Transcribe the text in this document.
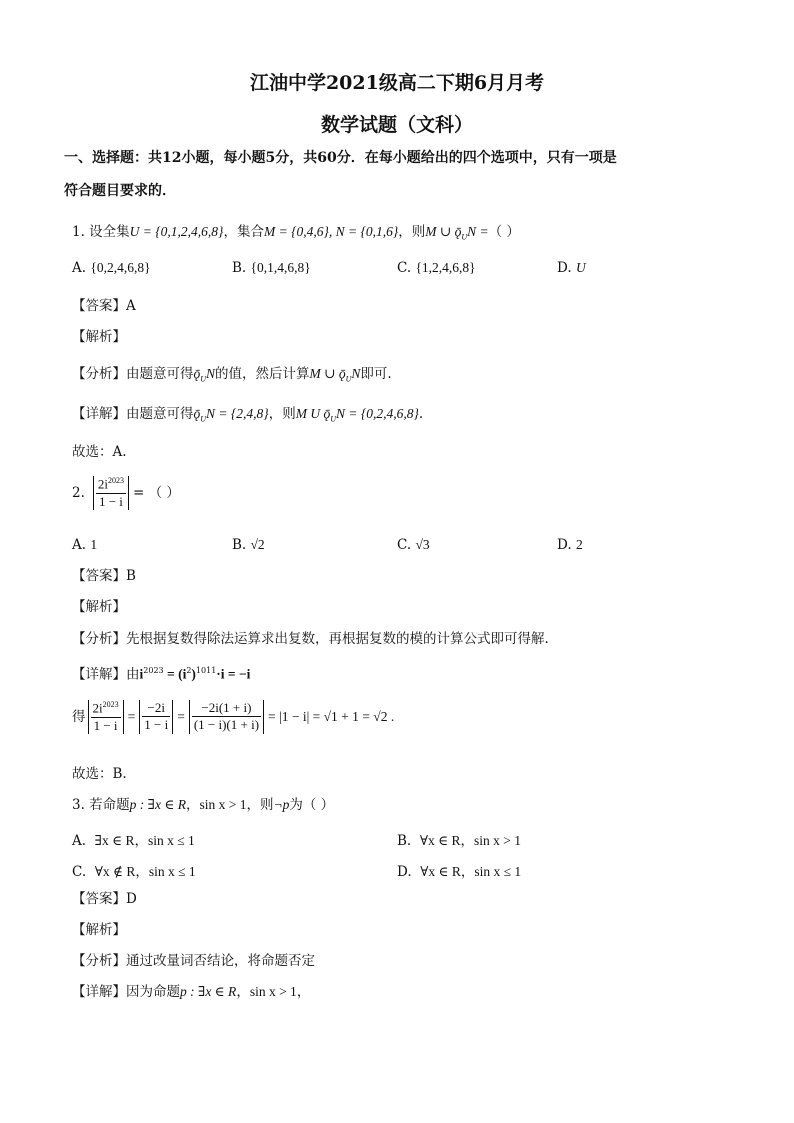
江油中学2021级高二下期6月月考
数学试题（文科）
一、选择题：共12小题，每小题5分，共60分．在每小题给出的四个选项中，只有一项是
符合题目要求的．
1. 设全集U = {0,1,2,4,6,8}，集合M = {0,4,6}, N = {0,1,6}，则M ∪ $ǭ_UN$ =（ ）
A. {0,2,4,6,8}	B. {0,1,4,6,8}	C. {1,2,4,6,8}	D. U
【答案】A
【解析】
【分析】由题意可得$ǭ_UN$的值，然后计算M ∪ $ǭ_UN$即可.
【详解】由题意可得$ǭ_UN = \{2,4,8\}$，则M U $ǭ_UN = \{0,2,4,6,8\}$.
故选：A.
2. $\frac{2i^{2023}}{1 - i}$ = （ ）
A. 1	B. √2	C. √3	D. 2
【答案】B
【解析】
【分析】先根据复数得除法运算求出复数，再根据复数的模的计算公式即可得解.
【详解】由$i^{2023} = (i^2)^{1011}\cdot i = -i$
得 $\frac{2i^{2023}}{1 - i} = \frac{-2i}{1 - i} = \frac{-2i(1 + i)}{(1 - i)(1 + i)} = |1 - i| = √1 + 1 = √2$ .
故选：B.
3. 若命题p : ∃x ∈ R，sin x > 1，则¬p为（ ）
A. ∃x ∈ R，sin x ≤ 1	B. ∀x ∈ R，sin x > 1
C. ∀x ∉ R，sin x ≤ 1	D. ∀x ∈ R，sin x ≤ 1
【答案】D
【解析】
【分析】通过改量词否结论，将命题否定
【详解】因为命题p : ∃x ∈ R，sin x > 1，
